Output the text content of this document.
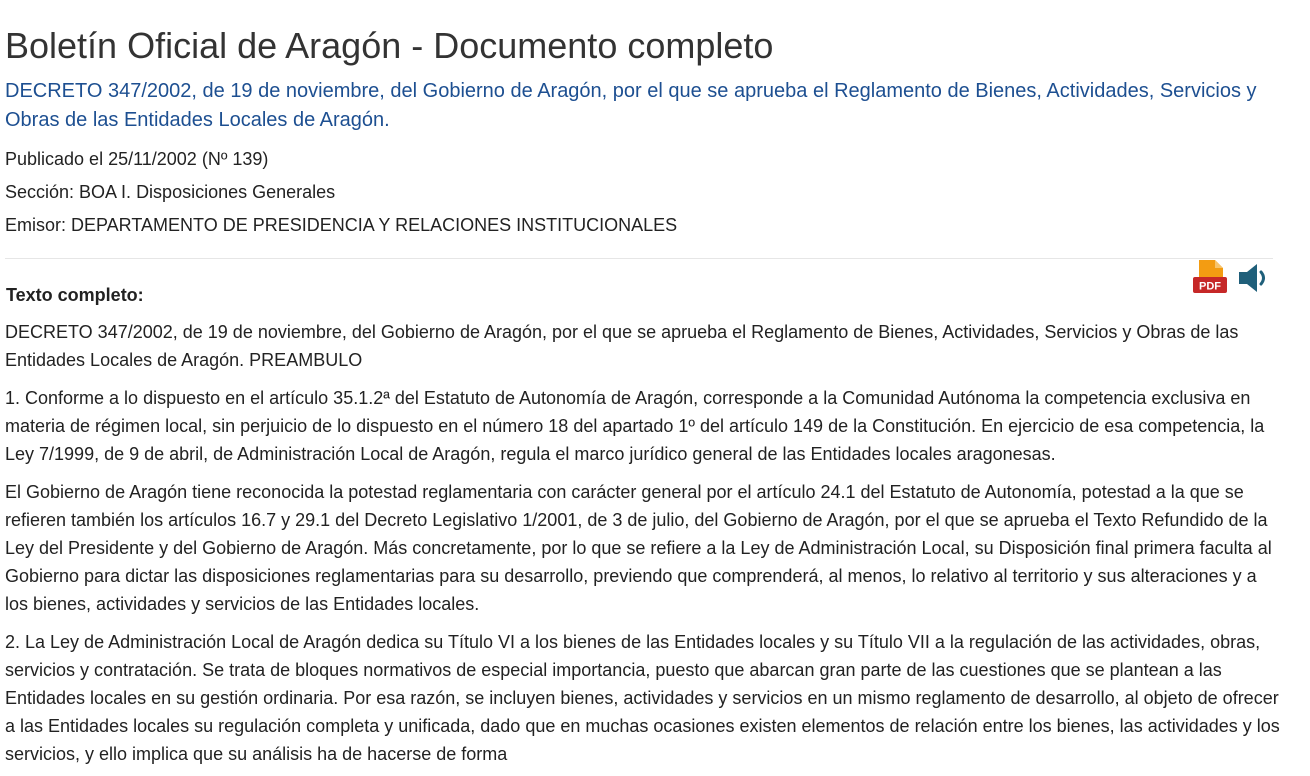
Boletín Oficial de Aragón - Documento completo
DECRETO 347/2002, de 19 de noviembre, del Gobierno de Aragón, por el que se aprueba el Reglamento de Bienes, Actividades, Servicios y Obras de las Entidades Locales de Aragón.

Publicado el 25/11/2002 (Nº 139)

Sección: BOA I. Disposiciones Generales

Emisor: DEPARTAMENTO DE PRESIDENCIA Y RELACIONES INSTITUCIONALES

Texto completo:	PDF

DECRETO 347/2002, de 19 de noviembre, del Gobierno de Aragón, por el que se aprueba el Reglamento de Bienes, Actividades, Servicios y Obras de las Entidades Locales de Aragón. PREAMBULO

1. Conforme a lo dispuesto en el artículo 35.1.2ª del Estatuto de Autonomía de Aragón, corresponde a la Comunidad Autónoma la competencia exclusiva en materia de régimen local, sin perjuicio de lo dispuesto en el número 18 del apartado 1º del artículo 149 de la Constitución. En ejercicio de esa competencia, la Ley 7/1999, de 9 de abril, de Administración Local de Aragón, regula el marco jurídico general de las Entidades locales aragonesas.

El Gobierno de Aragón tiene reconocida la potestad reglamentaria con carácter general por el artículo 24.1 del Estatuto de Autonomía, potestad a la que se refieren también los artículos 16.7 y 29.1 del Decreto Legislativo 1/2001, de 3 de julio, del Gobierno de Aragón, por el que se aprueba el Texto Refundido de la Ley del Presidente y del Gobierno de Aragón. Más concretamente, por lo que se refiere a la Ley de Administración Local, su Disposición final primera faculta al Gobierno para dictar las disposiciones reglamentarias para su desarrollo, previendo que comprenderá, al menos, lo relativo al territorio y sus alteraciones y a los bienes, actividades y servicios de las Entidades locales.

2. La Ley de Administración Local de Aragón dedica su Título VI a los bienes de las Entidades locales y su Título VII a la regulación de las actividades, obras, servicios y contratación. Se trata de bloques normativos de especial importancia, puesto que abarcan gran parte de las cuestiones que se plantean a las Entidades locales en su gestión ordinaria. Por esa razón, se incluyen bienes, actividades y servicios en un mismo reglamento de desarrollo, al objeto de ofrecer a las Entidades locales su regulación completa y unificada, dado que en muchas ocasiones existen elementos de relación entre los bienes, las actividades y los servicios, y ello implica que su análisis ha de hacerse de forma
